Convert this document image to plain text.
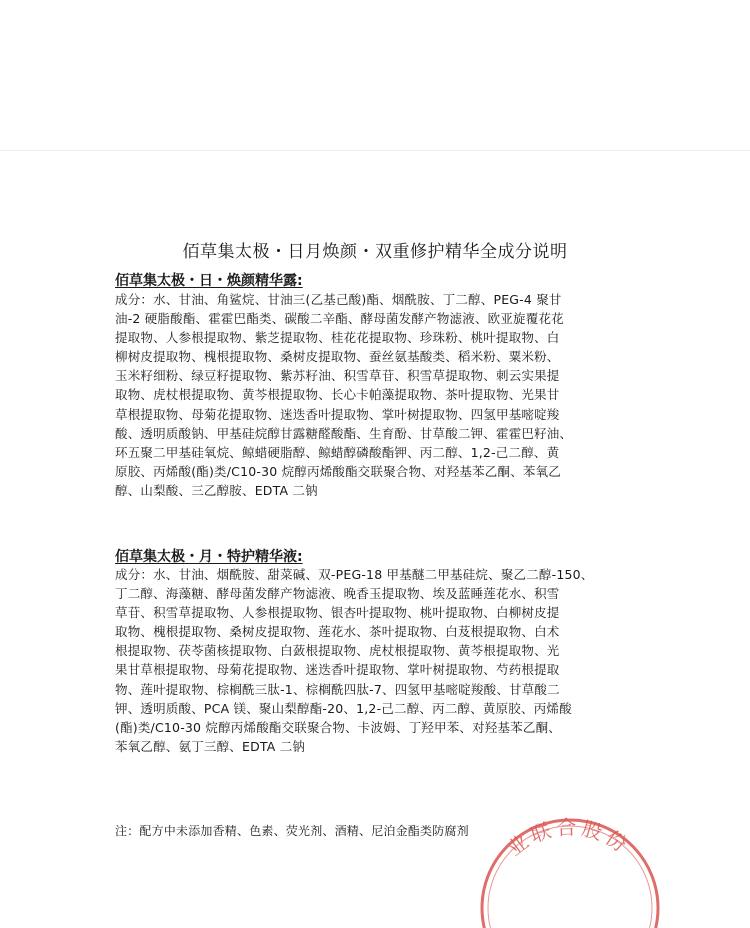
佰草集太极・日月焕颜・双重修护精华全成分说明
佰草集太极・日・焕颜精华露:
成分：水、甘油、角鲨烷、甘油三(乙基己酸)酯、烟酰胺、丁二醇、PEG-4 聚甘
油-2 硬脂酸酯、霍霍巴酯类、碳酸二辛酯、酵母菌发酵产物滤液、欧亚旋覆花花
提取物、人参根提取物、紫芝提取物、桂花花提取物、珍珠粉、桃叶提取物、白
柳树皮提取物、槐根提取物、桑树皮提取物、蚕丝氨基酸类、稻米粉、粟米粉、
玉米籽细粉、绿豆籽提取物、紫苏籽油、积雪草苷、积雪草提取物、刺云实果提
取物、虎杖根提取物、黄芩根提取物、长心卡帕藻提取物、茶叶提取物、光果甘
草根提取物、母菊花提取物、迷迭香叶提取物、掌叶树提取物、四氢甲基嘧啶羧
酸、透明质酸钠、甲基硅烷醇甘露糖醛酸酯、生育酚、甘草酸二钾、霍霍巴籽油、
环五聚二甲基硅氧烷、鲸蜡硬脂醇、鲸蜡醇磷酸酯钾、丙二醇、1,2-己二醇、黄
原胶、丙烯酸(酯)类/C10-30 烷醇丙烯酸酯交联聚合物、对羟基苯乙酮、苯氧乙
醇、山梨酸、三乙醇胺、EDTA 二钠
佰草集太极・月・特护精华液:
成分：水、甘油、烟酰胺、甜菜碱、双-PEG-18 甲基醚二甲基硅烷、聚乙二醇-150、
丁二醇、海藻糖、酵母菌发酵产物滤液、晚香玉提取物、埃及蓝睡莲花水、积雪
草苷、积雪草提取物、人参根提取物、银杏叶提取物、桃叶提取物、白柳树皮提
取物、槐根提取物、桑树皮提取物、莲花水、茶叶提取物、白芨根提取物、白术
根提取物、茯苓菌核提取物、白蔹根提取物、虎杖根提取物、黄芩根提取物、光
果甘草根提取物、母菊花提取物、迷迭香叶提取物、掌叶树提取物、芍药根提取
物、莲叶提取物、棕榈酰三肽-1、棕榈酰四肽-7、四氢甲基嘧啶羧酸、甘草酸二
钾、透明质酸、PCA 镁、聚山梨醇酯-20、1,2-己二醇、丙二醇、黄原胶、丙烯酸
(酯)类/C10-30 烷醇丙烯酸酯交联聚合物、卡波姆、丁羟甲苯、对羟基苯乙酮、
苯氧乙醇、氨丁三醇、EDTA 二钠
注：配方中未添加香精、色素、荧光剂、酒精、尼泊金酯类防腐剂 业联合股份
